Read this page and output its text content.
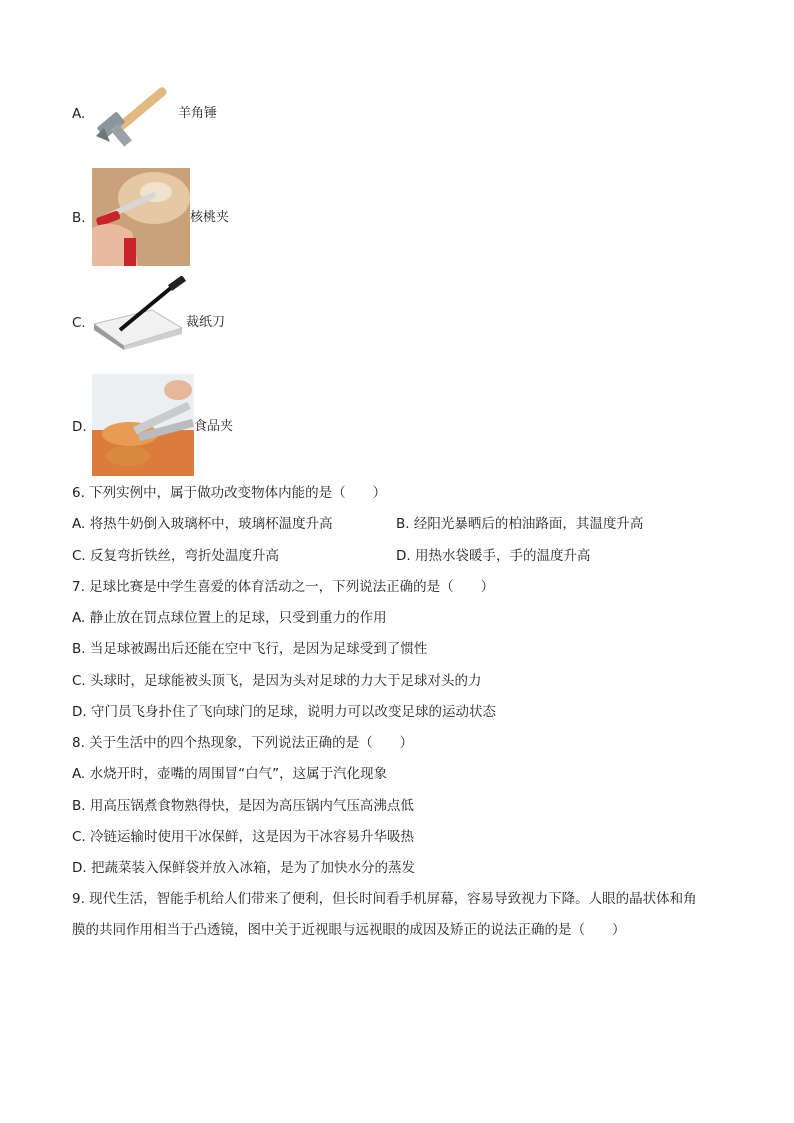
A.	羊角锤
B.	核桃夹
C.	裁纸刀
D.	食品夹
6. 下列实例中，属于做功改变物体内能的是（　　）
A. 将热牛奶倒入玻璃杯中，玻璃杯温度升高	B. 经阳光暴晒后的柏油路面，其温度升高
C. 反复弯折铁丝，弯折处温度升高	D. 用热水袋暖手，手的温度升高
7. 足球比赛是中学生喜爱的体育活动之一，下列说法正确的是（　　）
A. 静止放在罚点球位置上的足球，只受到重力的作用
B. 当足球被踢出后还能在空中飞行，是因为足球受到了惯性
C. 头球时，足球能被头顶飞，是因为头对足球的力大于足球对头的力
D. 守门员飞身扑住了飞向球门的足球，说明力可以改变足球的运动状态
8. 关于生活中的四个热现象，下列说法正确的是（　　）
A. 水烧开时，壶嘴的周围冒“白气”，这属于汽化现象
B. 用高压锅煮食物熟得快，是因为高压锅内气压高沸点低
C. 冷链运输时使用干冰保鲜，这是因为干冰容易升华吸热
D. 把蔬菜装入保鲜袋并放入冰箱，是为了加快水分的蒸发
9. 现代生活，智能手机给人们带来了便利，但长时间看手机屏幕，容易导致视力下降。人眼的晶状体和角
膜的共同作用相当于凸透镜，图中关于近视眼与远视眼的成因及矫正的说法正确的是（　　）
